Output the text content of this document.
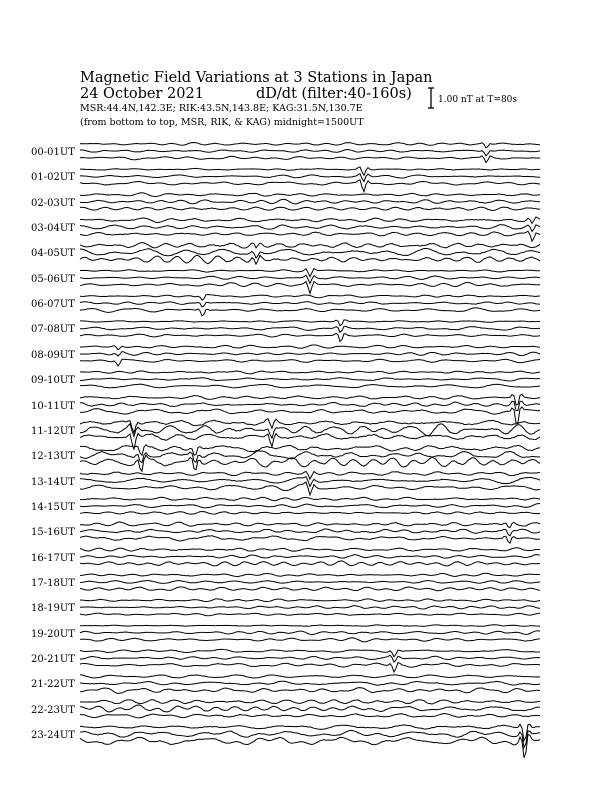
Magnetic Field Variations at 3 Stations in Japan
24 October 2021	dD/dt (filter:40-160s)
MSR:44.4N,142.3E; RIK:43.5N,143.8E; KAG:31.5N,130.7E
(from bottom to top, MSR, RIK, & KAG) midnight=1500UT
1.00 nT at T=80s
00-01UT
01-02UT
02-03UT
03-04UT
04-05UT
05-06UT
06-07UT
07-08UT
08-09UT
09-10UT
10-11UT
11-12UT
12-13UT
13-14UT
14-15UT
15-16UT
16-17UT
17-18UT
18-19UT
19-20UT
20-21UT
21-22UT
22-23UT
23-24UT
